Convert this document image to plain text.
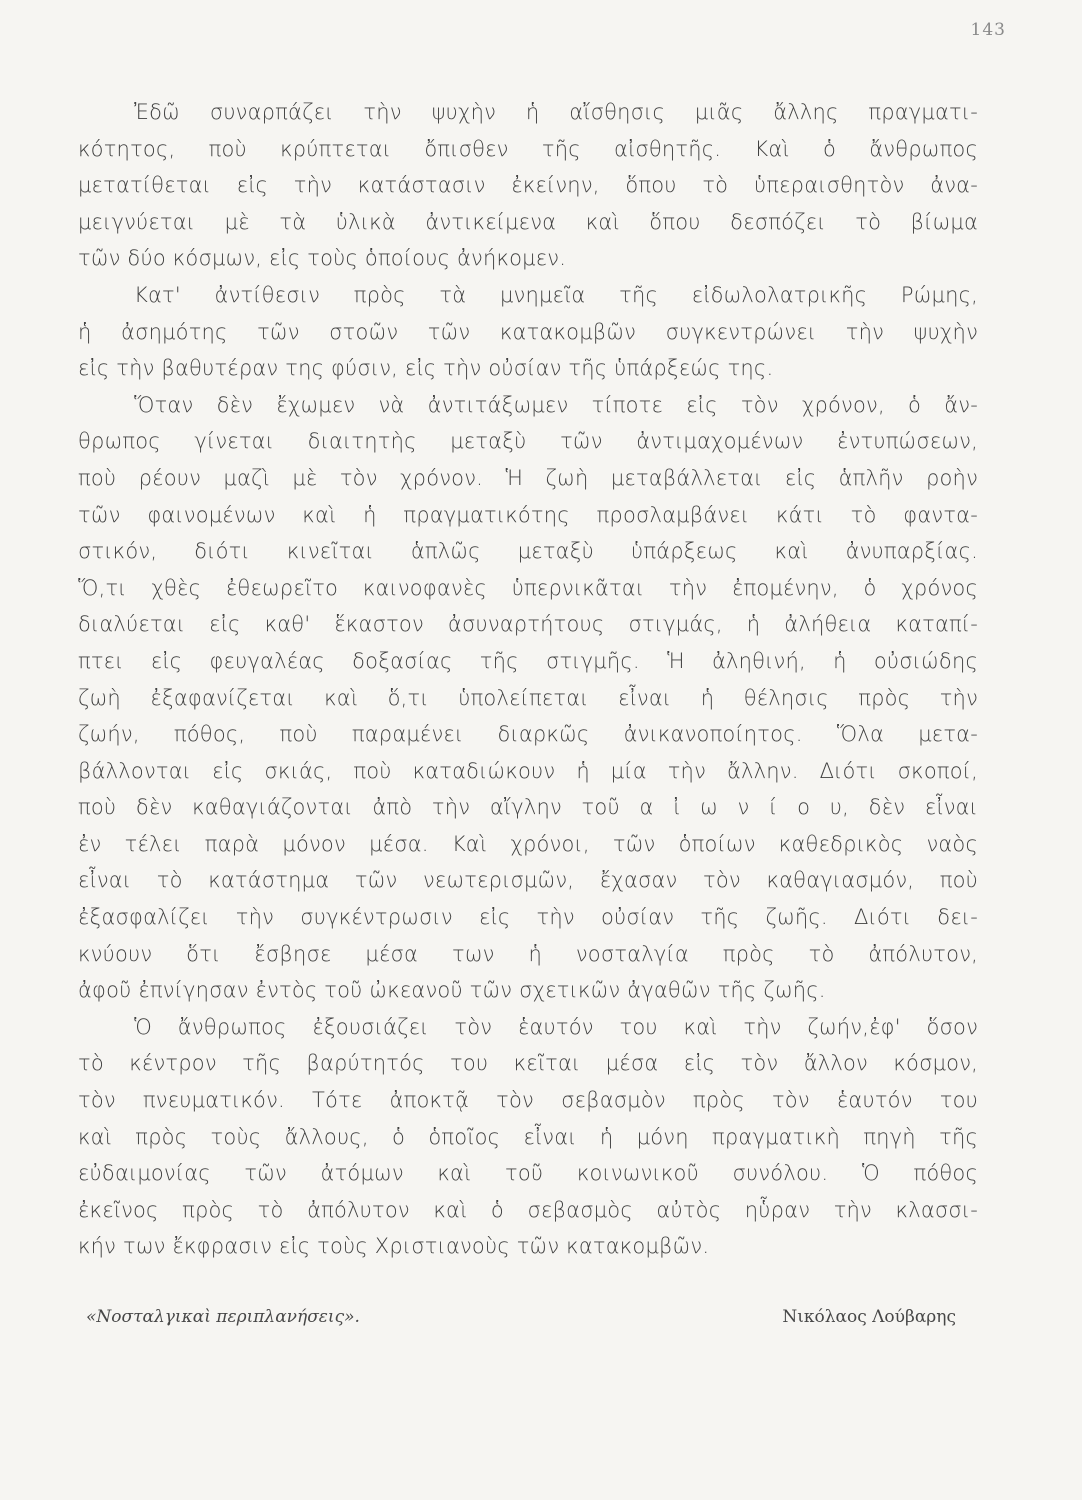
143
Ἐδῶ συναρπάζει τὴν ψυχὴν ἡ αἴσθησις μιᾶς ἄλλης πραγματι-
κότητος, ποὺ κρύπτεται ὄπισθεν τῆς αἰσθητῆς. Καὶ ὁ ἄνθρωπος
μετατίθεται εἰς τὴν κατάστασιν ἐκείνην, ὅπου τὸ ὑπεραισθητὸν ἀνα-
μειγνύεται μὲ τὰ ὑλικὰ ἀντικείμενα καὶ ὅπου δεσπόζει τὸ βίωμα
τῶν δύο κόσμων, εἰς τοὺς ὁποίους ἀνήκομεν.
Κατ' ἀντίθεσιν πρὸς τὰ μνημεῖα τῆς εἰδωλολατρικῆς Ρώμης,
ἡ ἀσημότης τῶν στοῶν τῶν κατακομβῶν συγκεντρώνει τὴν ψυχὴν
εἰς τὴν βαθυτέραν της φύσιν, εἰς τὴν οὐσίαν τῆς ὑπάρξεώς της.
Ὅταν δὲν ἔχωμεν νὰ ἀντιτάξωμεν τίποτε εἰς τὸν χρόνον, ὁ ἄν-
θρωπος γίνεται διαιτητὴς μεταξὺ τῶν ἀντιμαχομένων ἐντυπώσεων,
ποὺ ρέουν μαζὶ μὲ τὸν χρόνον. Ἡ ζωὴ μεταβάλλεται εἰς ἁπλῆν ροὴν
τῶν φαινομένων καὶ ἡ πραγματικότης προσλαμβάνει κάτι τὸ φαντα-
στικόν, διότι κινεῖται ἁπλῶς μεταξὺ ὑπάρξεως καὶ ἀνυπαρξίας.
Ὅ,τι χθὲς ἐθεωρεῖτο καινοφανὲς ὑπερνικᾶται τὴν ἐπομένην, ὁ χρόνος
διαλύεται εἰς καθ' ἕκαστον ἀσυναρτήτους στιγμάς, ἡ ἀλήθεια καταπί-
πτει εἰς φευγαλέας δοξασίας τῆς στιγμῆς. Ἡ ἀληθινή, ἡ οὐσιώδης
ζωὴ ἐξαφανίζεται καὶ ὅ,τι ὑπολείπεται εἶναι ἡ θέλησις πρὸς τὴν
ζωήν, πόθος, ποὺ παραμένει διαρκῶς ἀνικανοποίητος. Ὅλα μετα-
βάλλονται εἰς σκιάς, ποὺ καταδιώκουν ἡ μία τὴν ἄλλην. Διότι σκοποί,
ποὺ δὲν καθαγιάζονται ἀπὸ τὴν αἴγλην τοῦ α ἰ ω ν ί ο υ, δὲν εἶναι
ἐν τέλει παρὰ μόνον μέσα. Καὶ χρόνοι, τῶν ὁποίων καθεδρικὸς ναὸς
εἶναι τὸ κατάστημα τῶν νεωτερισμῶν, ἔχασαν τὸν καθαγιασμόν, ποὺ
ἐξασφαλίζει τὴν συγκέντρωσιν εἰς τὴν οὐσίαν τῆς ζωῆς. Διότι δει-
κνύουν ὅτι ἔσβησε μέσα των ἡ νοσταλγία πρὸς τὸ ἀπόλυτον,
ἀφοῦ ἐπνίγησαν ἐντὸς τοῦ ὠκεανοῦ τῶν σχετικῶν ἀγαθῶν τῆς ζωῆς.
Ὁ ἄνθρωπος ἐξουσιάζει τὸν ἑαυτόν του καὶ τὴν ζωήν,ἐφ' ὅσον
τὸ κέντρον τῆς βαρύτητός του κεῖται μέσα εἰς τὸν ἄλλον κόσμον,
τὸν πνευματικόν. Τότε ἀποκτᾷ τὸν σεβασμὸν πρὸς τὸν ἑαυτόν του
καὶ πρὸς τοὺς ἄλλους, ὁ ὁποῖος εἶναι ἡ μόνη πραγματικὴ πηγὴ τῆς
εὐδαιμονίας τῶν ἀτόμων καὶ τοῦ κοινωνικοῦ συνόλου. Ὁ πόθος
ἐκεῖνος πρὸς τὸ ἀπόλυτον καὶ ὁ σεβασμὸς αὐτὸς ηὗραν τὴν κλασσι-
κήν των ἔκφρασιν εἰς τοὺς Χριστιανοὺς τῶν κατακομβῶν.
«Νοσταλγικαὶ περιπλανήσεις».	Νικόλαος Λούβαρης
